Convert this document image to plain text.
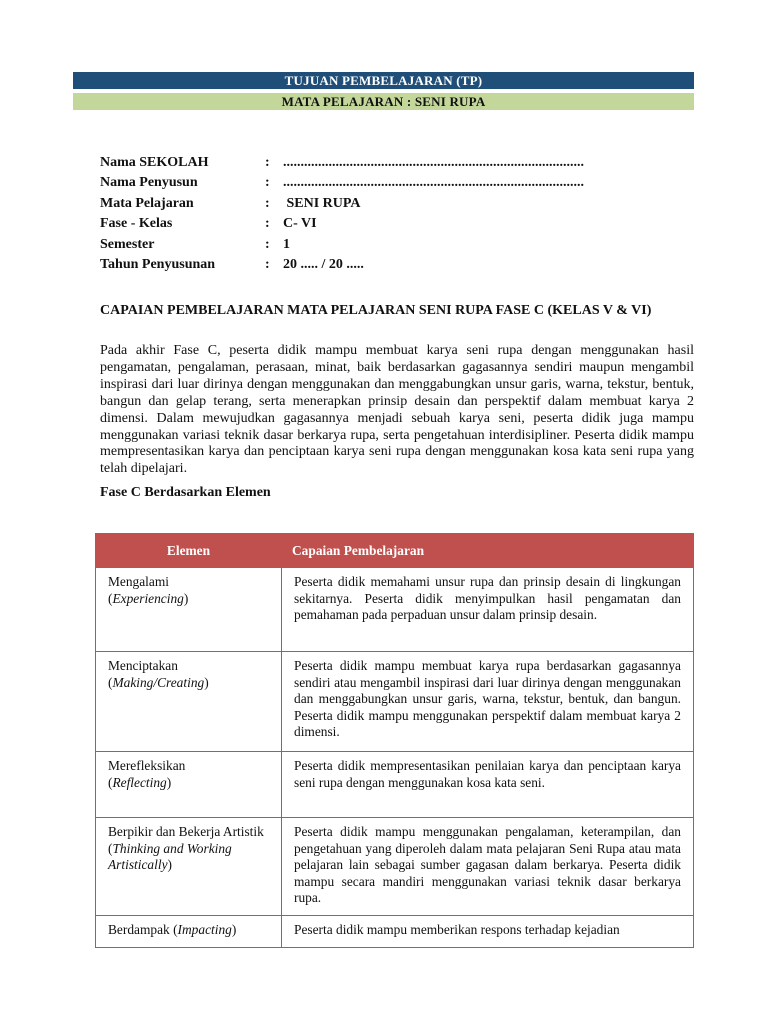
TUJUAN PEMBELAJARAN (TP)
MATA PELAJARAN : SENI RUPA
Nama SEKOLAH	: ......................................................................................
Nama Penyusun	: ......................................................................................
Mata Pelajaran	: SENI RUPA
Fase - Kelas	: C- VI
Semester	: 1
Tahun Penyusunan	: 20 ..... / 20 .....
CAPAIAN PEMBELAJARAN MATA PELAJARAN SENI RUPA FASE C (KELAS V & VI)

Pada akhir Fase C, peserta didik mampu membuat karya seni rupa dengan menggunakan hasil pengamatan, pengalaman, perasaan, minat, baik berdasarkan gagasannya sendiri maupun mengambil inspirasi dari luar dirinya dengan menggunakan dan menggabungkan unsur garis, warna, tekstur, bentuk, bangun dan gelap terang, serta menerapkan prinsip desain dan perspektif dalam membuat karya 2 dimensi. Dalam mewujudkan gagasannya menjadi sebuah karya seni, peserta didik juga mampu menggunakan variasi teknik dasar berkarya rupa, serta pengetahuan interdisipliner. Peserta didik mampu mempresentasikan karya dan penciptaan karya seni rupa dengan menggunakan kosa kata seni rupa yang telah dipelajari.

Fase C Berdasarkan Elemen
Elemen	Capaian Pembelajaran
Mengalami
(Experiencing)	Peserta didik memahami unsur rupa dan prinsip desain di lingkungan sekitarnya. Peserta didik menyimpulkan hasil pengamatan dan pemahaman pada perpaduan unsur dalam prinsip desain.
Menciptakan
(Making/Creating)	Peserta didik mampu membuat karya rupa berdasarkan gagasannya sendiri atau mengambil inspirasi dari luar dirinya dengan menggunakan dan menggabungkan unsur garis, warna, tekstur, bentuk, dan bangun. Peserta didik mampu menggunakan perspektif dalam membuat karya 2 dimensi.
Merefleksikan
(Reflecting)	Peserta didik mempresentasikan penilaian karya dan penciptaan karya seni rupa dengan menggunakan kosa kata seni.
Berpikir dan Bekerja Artistik (Thinking and Working Artistically)	Peserta didik mampu menggunakan pengalaman, keterampilan, dan pengetahuan yang diperoleh dalam mata pelajaran Seni Rupa atau mata pelajaran lain sebagai sumber gagasan dalam berkarya. Peserta didik mampu secara mandiri menggunakan variasi teknik dasar berkarya rupa.
Berdampak (Impacting)	Peserta didik mampu memberikan respons terhadap kejadian
